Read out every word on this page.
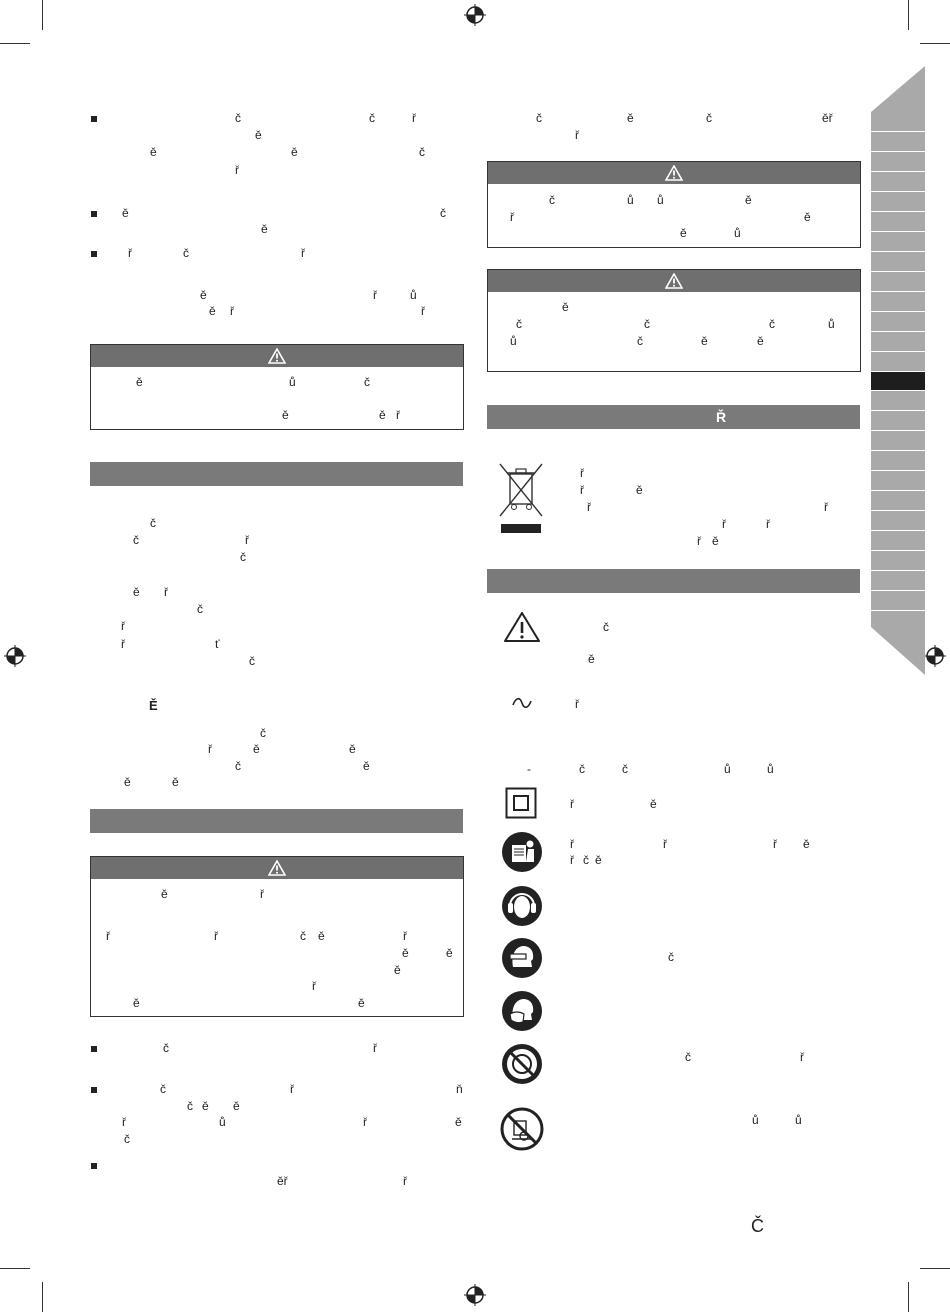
č	č	ř
ě
ě	ě	č
ř
ě	č
ě
ř	č	ř
ě	ř	ů
ě ř	ř
ě	ů	č
ě	ě ř
č
č	ř
č
ě ř
č
ř
ř	ť
č
Ě
č
ř	ě	ě
č	ě
ě	ě
ě	ř
ř	ř	č ě	ř
ě	ě
ě
ř
ě	ě
č	ř
č	ř	ň
č ě ě
ř	ů	ř	ě
č
ěř	ř
č	ě	č	ěř
ř
č	ů ů	ě
ř	ě
ě	ů
ě
č	č	č	ů
ů	č	ě	ě
Ř
ř
ř	ě
ř	ř
ř	ř
ř ě
č
ě
ř
-	č	č	ů	ů
ř	ě
ř	ř	ř ě
ř č ě
č
č	ř
ů	ů
Č
